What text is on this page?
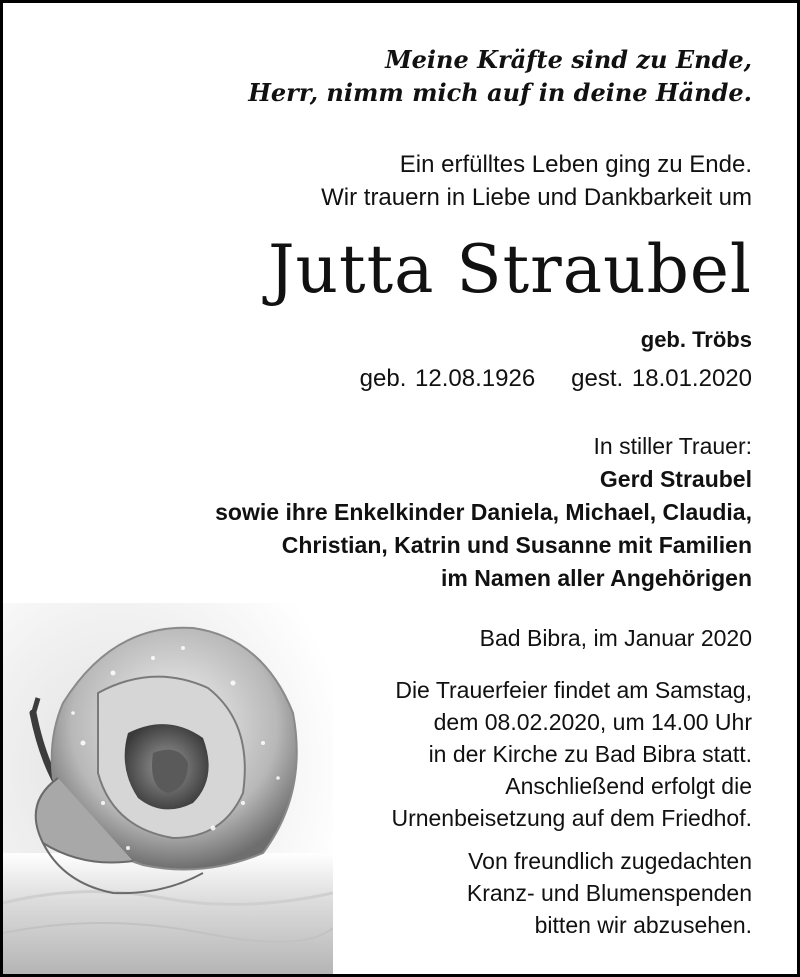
Meine Kräfte sind zu Ende,
Herr, nimm mich auf in deine Hände.
Ein erfülltes Leben ging zu Ende.
Wir trauern in Liebe und Dankbarkeit um
Jutta Straubel
geb. Tröbs
geb. 12.08.1926 gest. 18.01.2020
In stiller Trauer:
Gerd Straubel
sowie ihre Enkelkinder Daniela, Michael, Claudia,
Christian, Katrin und Susanne mit Familien
im Namen aller Angehörigen
Bad Bibra, im Januar 2020
Die Trauerfeier findet am Samstag,
dem 08.02.2020, um 14.00 Uhr
in der Kirche zu Bad Bibra statt.
Anschließend erfolgt die
Urnenbeisetzung auf dem Friedhof.
Von freundlich zugedachten
Kranz- und Blumenspenden
bitten wir abzusehen.
